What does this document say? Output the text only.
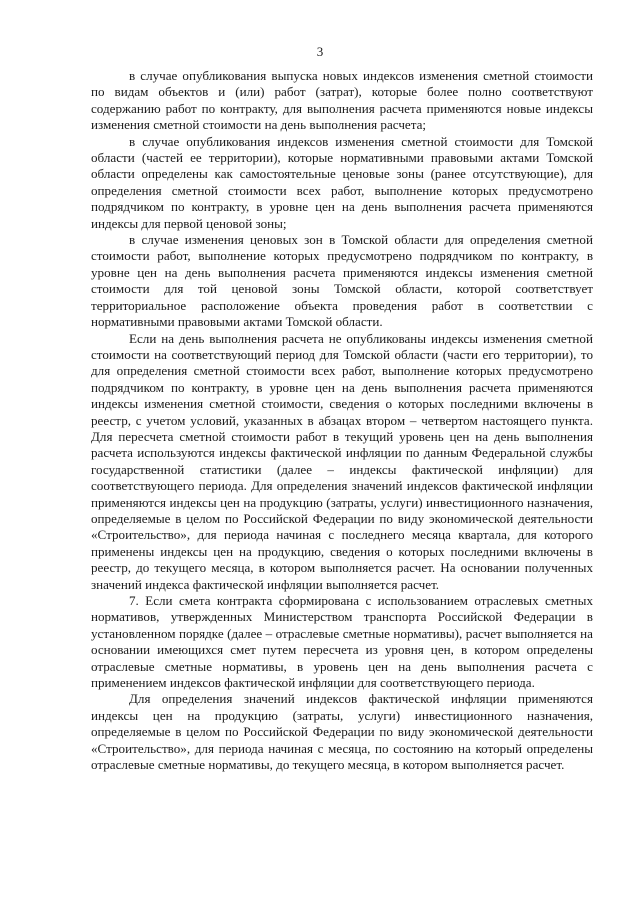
3

в случае опубликования выпуска новых индексов изменения сметной стоимости по видам объектов и (или) работ (затрат), которые более полно соответствуют содержанию работ по контракту, для выполнения расчета применяются новые индексы изменения сметной стоимости на день выполнения расчета;

в случае опубликования индексов изменения сметной стоимости для Томской области (частей ее территории), которые нормативными правовыми актами Томской области определены как самостоятельные ценовые зоны (ранее отсутствующие), для определения сметной стоимости всех работ, выполнение которых предусмотрено подрядчиком по контракту, в уровне цен на день выполнения расчета применяются индексы для первой ценовой зоны;

в случае изменения ценовых зон в Томской области для определения сметной стоимости работ, выполнение которых предусмотрено подрядчиком по контракту, в уровне цен на день выполнения расчета применяются индексы изменения сметной стоимости для той ценовой зоны Томской области, которой соответствует территориальное расположение объекта проведения работ в соответствии с нормативными правовыми актами Томской области.

Если на день выполнения расчета не опубликованы индексы изменения сметной стоимости на соответствующий период для Томской области (части его территории), то для определения сметной стоимости всех работ, выполнение которых предусмотрено подрядчиком по контракту, в уровне цен на день выполнения расчета применяются индексы изменения сметной стоимости, сведения о которых последними включены в реестр, с учетом условий, указанных в абзацах втором – четвертом настоящего пункта. Для пересчета сметной стоимости работ в текущий уровень цен на день выполнения расчета используются индексы фактической инфляции по данным Федеральной службы государственной статистики (далее – индексы фактической инфляции) для соответствующего периода. Для определения значений индексов фактической инфляции применяются индексы цен на продукцию (затраты, услуги) инвестиционного назначения, определяемые в целом по Российской Федерации по виду экономической деятельности «Строительство», для периода начиная с последнего месяца квартала, для которого применены индексы цен на продукцию, сведения о которых последними включены в реестр, до текущего месяца, в котором выполняется расчет. На основании полученных значений индекса фактической инфляции выполняется расчет.

7. Если смета контракта сформирована с использованием отраслевых сметных нормативов, утвержденных Министерством транспорта Российской Федерации в установленном порядке (далее – отраслевые сметные нормативы), расчет выполняется на основании имеющихся смет путем пересчета из уровня цен, в котором определены отраслевые сметные нормативы, в уровень цен на день выполнения расчета с применением индексов фактической инфляции для соответствующего периода.

Для определения значений индексов фактической инфляции применяются индексы цен на продукцию (затраты, услуги) инвестиционного назначения, определяемые в целом по Российской Федерации по виду экономической деятельности «Строительство», для периода начиная с месяца, по состоянию на который определены отраслевые сметные нормативы, до текущего месяца, в котором выполняется расчет.
